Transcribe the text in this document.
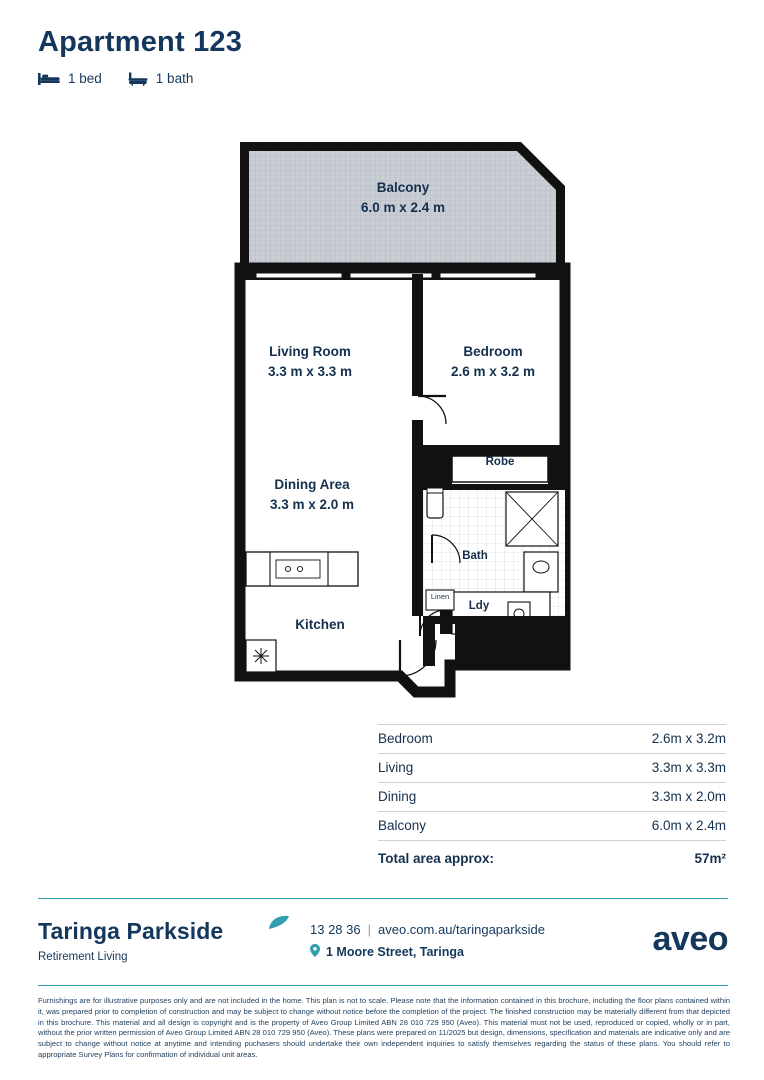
Apartment 123
1 bed	1 bath
Balcony
6.0 m x 2.4 m
Living Room
3.3 m x 3.3 m
Bedroom
2.6 m x 3.2 m
Dining Area
3.3 m x 2.0 m
Kitchen
Robe
Bath
Ldy
Linen
Bedroom	2.6m x 3.2m
Living	3.3m x 3.3m
Dining	3.3m x 2.0m
Balcony	6.0m x 2.4m
Total area approx:	57m²
Taringa Parkside
Retirement Living
13 28 36 | aveo.com.au/taringaparkside
1 Moore Street, Taringa	aveo
Furnishings are for illustrative purposes only and are not included in the home. This plan is not to scale. Please note that the information contained in this brochure, including the floor plans contained within it, was prepared prior to completion of construction and may be subject to change without notice before the completion of the project. The finished construction may be materially different from that depicted in this brochure. This material and all design is copyright and is the property of Aveo Group Limited ABN 28 010 729 950 (Aveo). This material must not be used, reproduced or copied, wholly or in part, without the prior written permission of Aveo Group Limited ABN 28 010 729 950 (Aveo). These plans were prepared on 11/2025 but design, dimensions, specification and materials are indicative only and are subject to change without notice at anytime and intending puchasers should undertake their own independent inquiries to satisfy themselves regarding the status of these plans. You should refer to appropriate Survey Plans for confirmation of individual unit areas.
